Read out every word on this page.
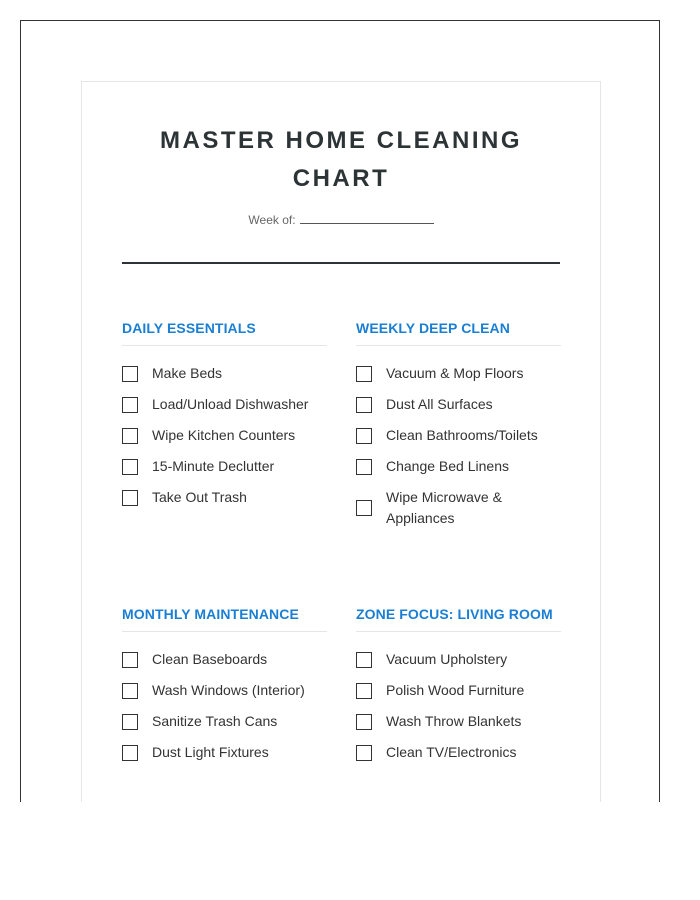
MASTER HOME CLEANING
CHART
Week of:
DAILY ESSENTIALS
Make Beds
Load/Unload Dishwasher
Wipe Kitchen Counters
15-Minute Declutter
Take Out Trash
WEEKLY DEEP CLEAN
Vacuum & Mop Floors
Dust All Surfaces
Clean Bathrooms/Toilets
Change Bed Linens
Wipe Microwave & Appliances
MONTHLY MAINTENANCE
Clean Baseboards
Wash Windows (Interior)
Sanitize Trash Cans
Dust Light Fixtures
ZONE FOCUS: LIVING ROOM
Vacuum Upholstery
Polish Wood Furniture
Wash Throw Blankets
Clean TV/Electronics
